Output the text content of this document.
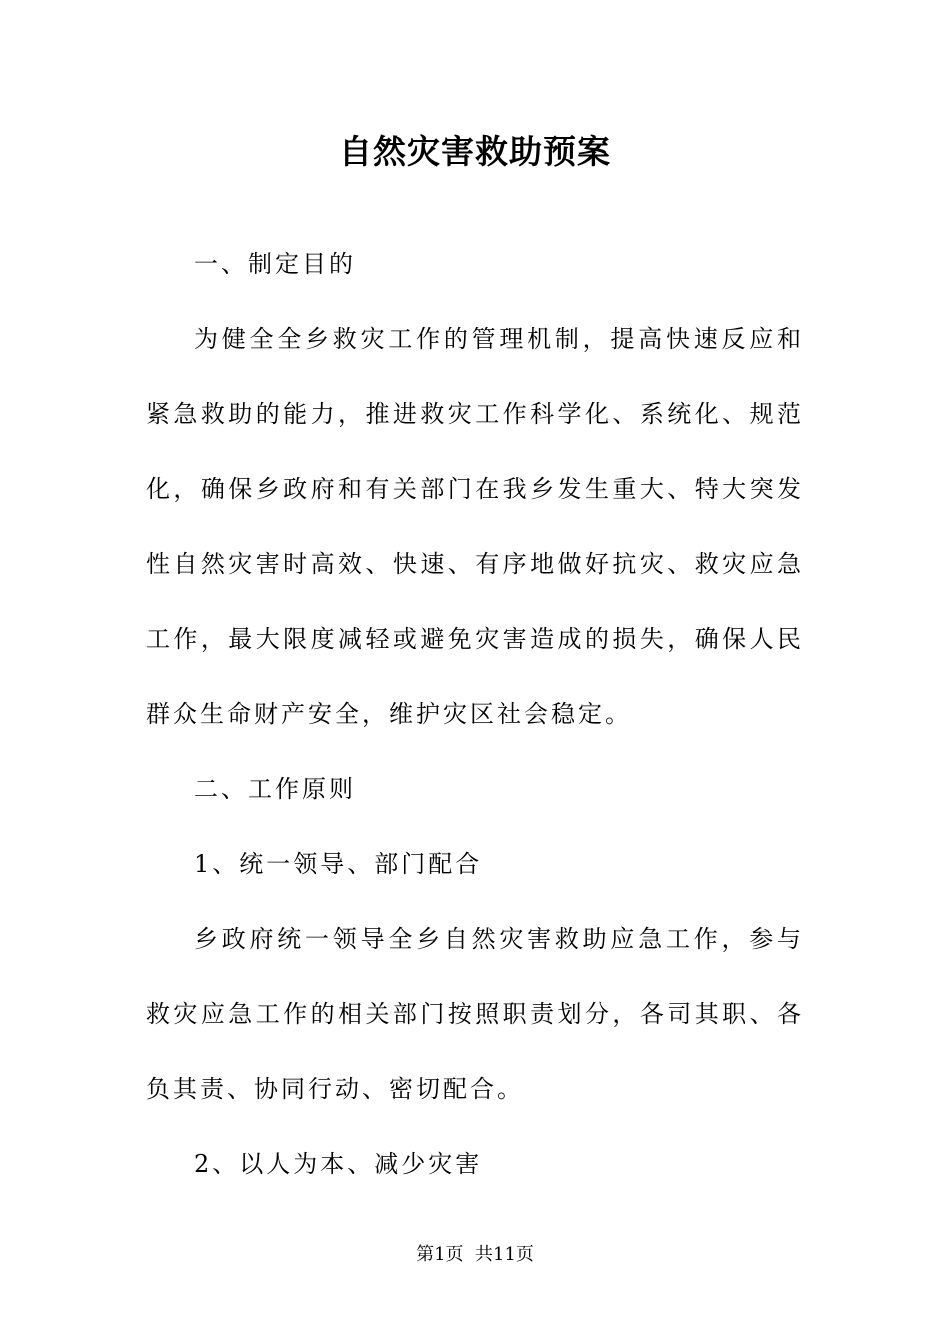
自然灾害救助预案

一、制定目的

为健全全乡救灾工作的管理机制，提高快速反应和紧急救助的能力，推进救灾工作科学化、系统化、规范化，确保乡政府和有关部门在我乡发生重大、特大突发性自然灾害时高效、快速、有序地做好抗灾、救灾应急工作，最大限度减轻或避免灾害造成的损失，确保人民群众生命财产安全，维护灾区社会稳定。

二、工作原则

1、统一领导、部门配合

乡政府统一领导全乡自然灾害救助应急工作，参与救灾应急工作的相关部门按照职责划分，各司其职、各负其责、协同行动、密切配合。

2、以人为本、减少灾害

第1页  共11页
